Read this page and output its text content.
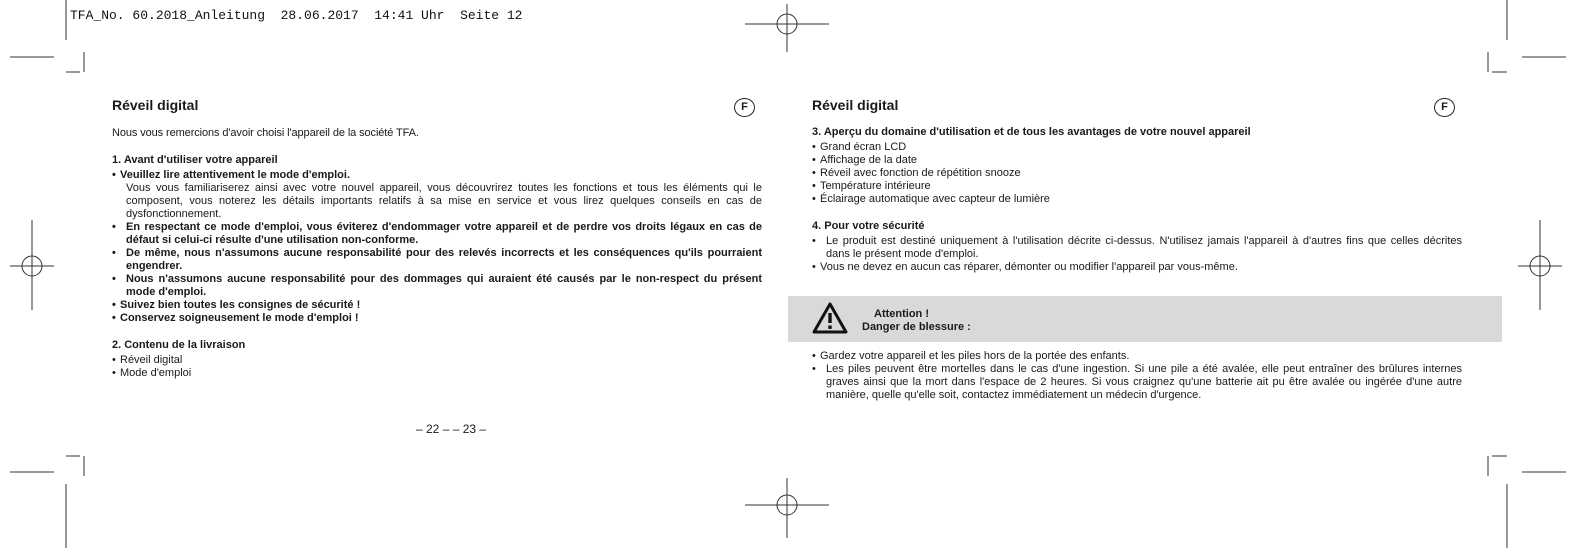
TFA_No. 60.2018_Anleitung  28.06.2017  14:41 Uhr  Seite 12
Réveil digital	F

Nous vous remercions d'avoir choisi l'appareil de la société TFA.

1. Avant d'utiliser votre appareil
• Veuillez lire attentivement le mode d'emploi.
Vous vous familiariserez ainsi avec votre nouvel appareil, vous découvrirez toutes les fonctions et tous les éléments qui le composent, vous noterez les détails importants relatifs à sa mise en service et vous lirez quelques conseils en cas de dysfonctionnement.
• En respectant ce mode d'emploi, vous éviterez d'endommager votre appareil et de perdre vos droits légaux en cas de défaut si celui-ci résulte d'une utilisation non-conforme.
• De même, nous n'assumons aucune responsabilité pour des relevés incorrects et les conséquences qu'ils pourraient engendrer.
• Nous n'assumons aucune responsabilité pour des dommages qui auraient été causés par le non-respect du présent mode d'emploi.
• Suivez bien toutes les consignes de sécurité !
• Conservez soigneusement le mode d'emploi !
2. Contenu de la livraison
• Réveil digital
• Mode d'emploi
– 22 – – 23 –
Réveil digital	F
3. Aperçu du domaine d'utilisation et de tous les avantages de votre nouvel appareil
• Grand écran LCD
• Affichage de la date
• Réveil avec fonction de répétition snooze
• Température intérieure
• Éclairage automatique avec capteur de lumière
4. Pour votre sécurité
• Le produit est destiné uniquement à l'utilisation décrite ci-dessus. N'utilisez jamais l'appareil à d'autres fins que celles décrites dans le présent mode d'emploi.
• Vous ne devez en aucun cas réparer, démonter ou modifier l'appareil par vous-même.
Attention !
Danger de blessure :
• Gardez votre appareil et les piles hors de la portée des enfants.
• Les piles peuvent être mortelles dans le cas d'une ingestion. Si une pile a été avalée, elle peut entraîner des brûlures internes graves ainsi que la mort dans l'espace de 2 heures. Si vous craignez qu'une batterie ait pu être avalée ou ingérée d'une autre manière, quelle qu'elle soit, contactez immédiatement un médecin d'urgence.
